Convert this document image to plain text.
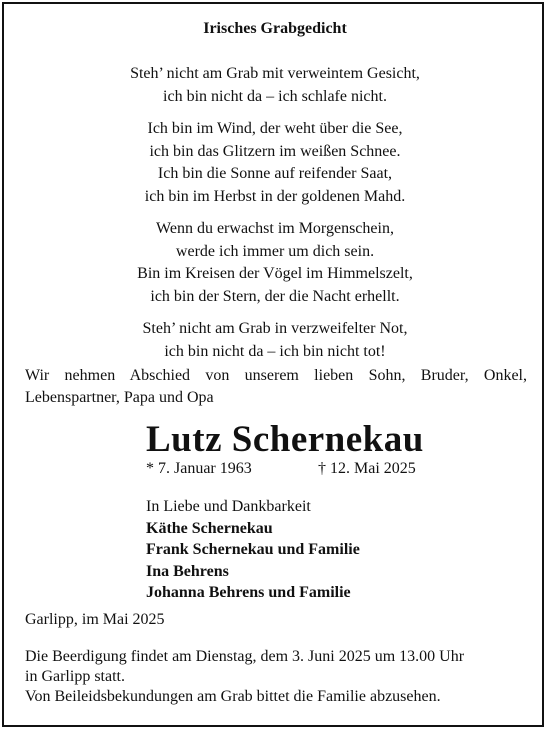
Irisches Grabgedicht
Steh’ nicht am Grab mit verweintem Gesicht,
ich bin nicht da – ich schlafe nicht.
Ich bin im Wind, der weht über die See,
ich bin das Glitzern im weißen Schnee.
Ich bin die Sonne auf reifender Saat,
ich bin im Herbst in der goldenen Mahd.
Wenn du erwachst im Morgenschein,
werde ich immer um dich sein.
Bin im Kreisen der Vögel im Himmelszelt,
ich bin der Stern, der die Nacht erhellt.
Steh’ nicht am Grab in verzweifelter Not,
ich bin nicht da – ich bin nicht tot!
Wir nehmen Abschied von unserem lieben Sohn, Bruder, Onkel, Lebenspartner, Papa und Opa
Lutz Schernekau
* 7. Januar 1963	† 12. Mai 2025
In Liebe und Dankbarkeit
Käthe Schernekau
Frank Schernekau und Familie
Ina Behrens
Johanna Behrens und Familie
Garlipp, im Mai 2025
Die Beerdigung findet am Dienstag, dem 3. Juni 2025 um 13.00 Uhr
in Garlipp statt.
Von Beileidsbekundungen am Grab bittet die Familie abzusehen.
